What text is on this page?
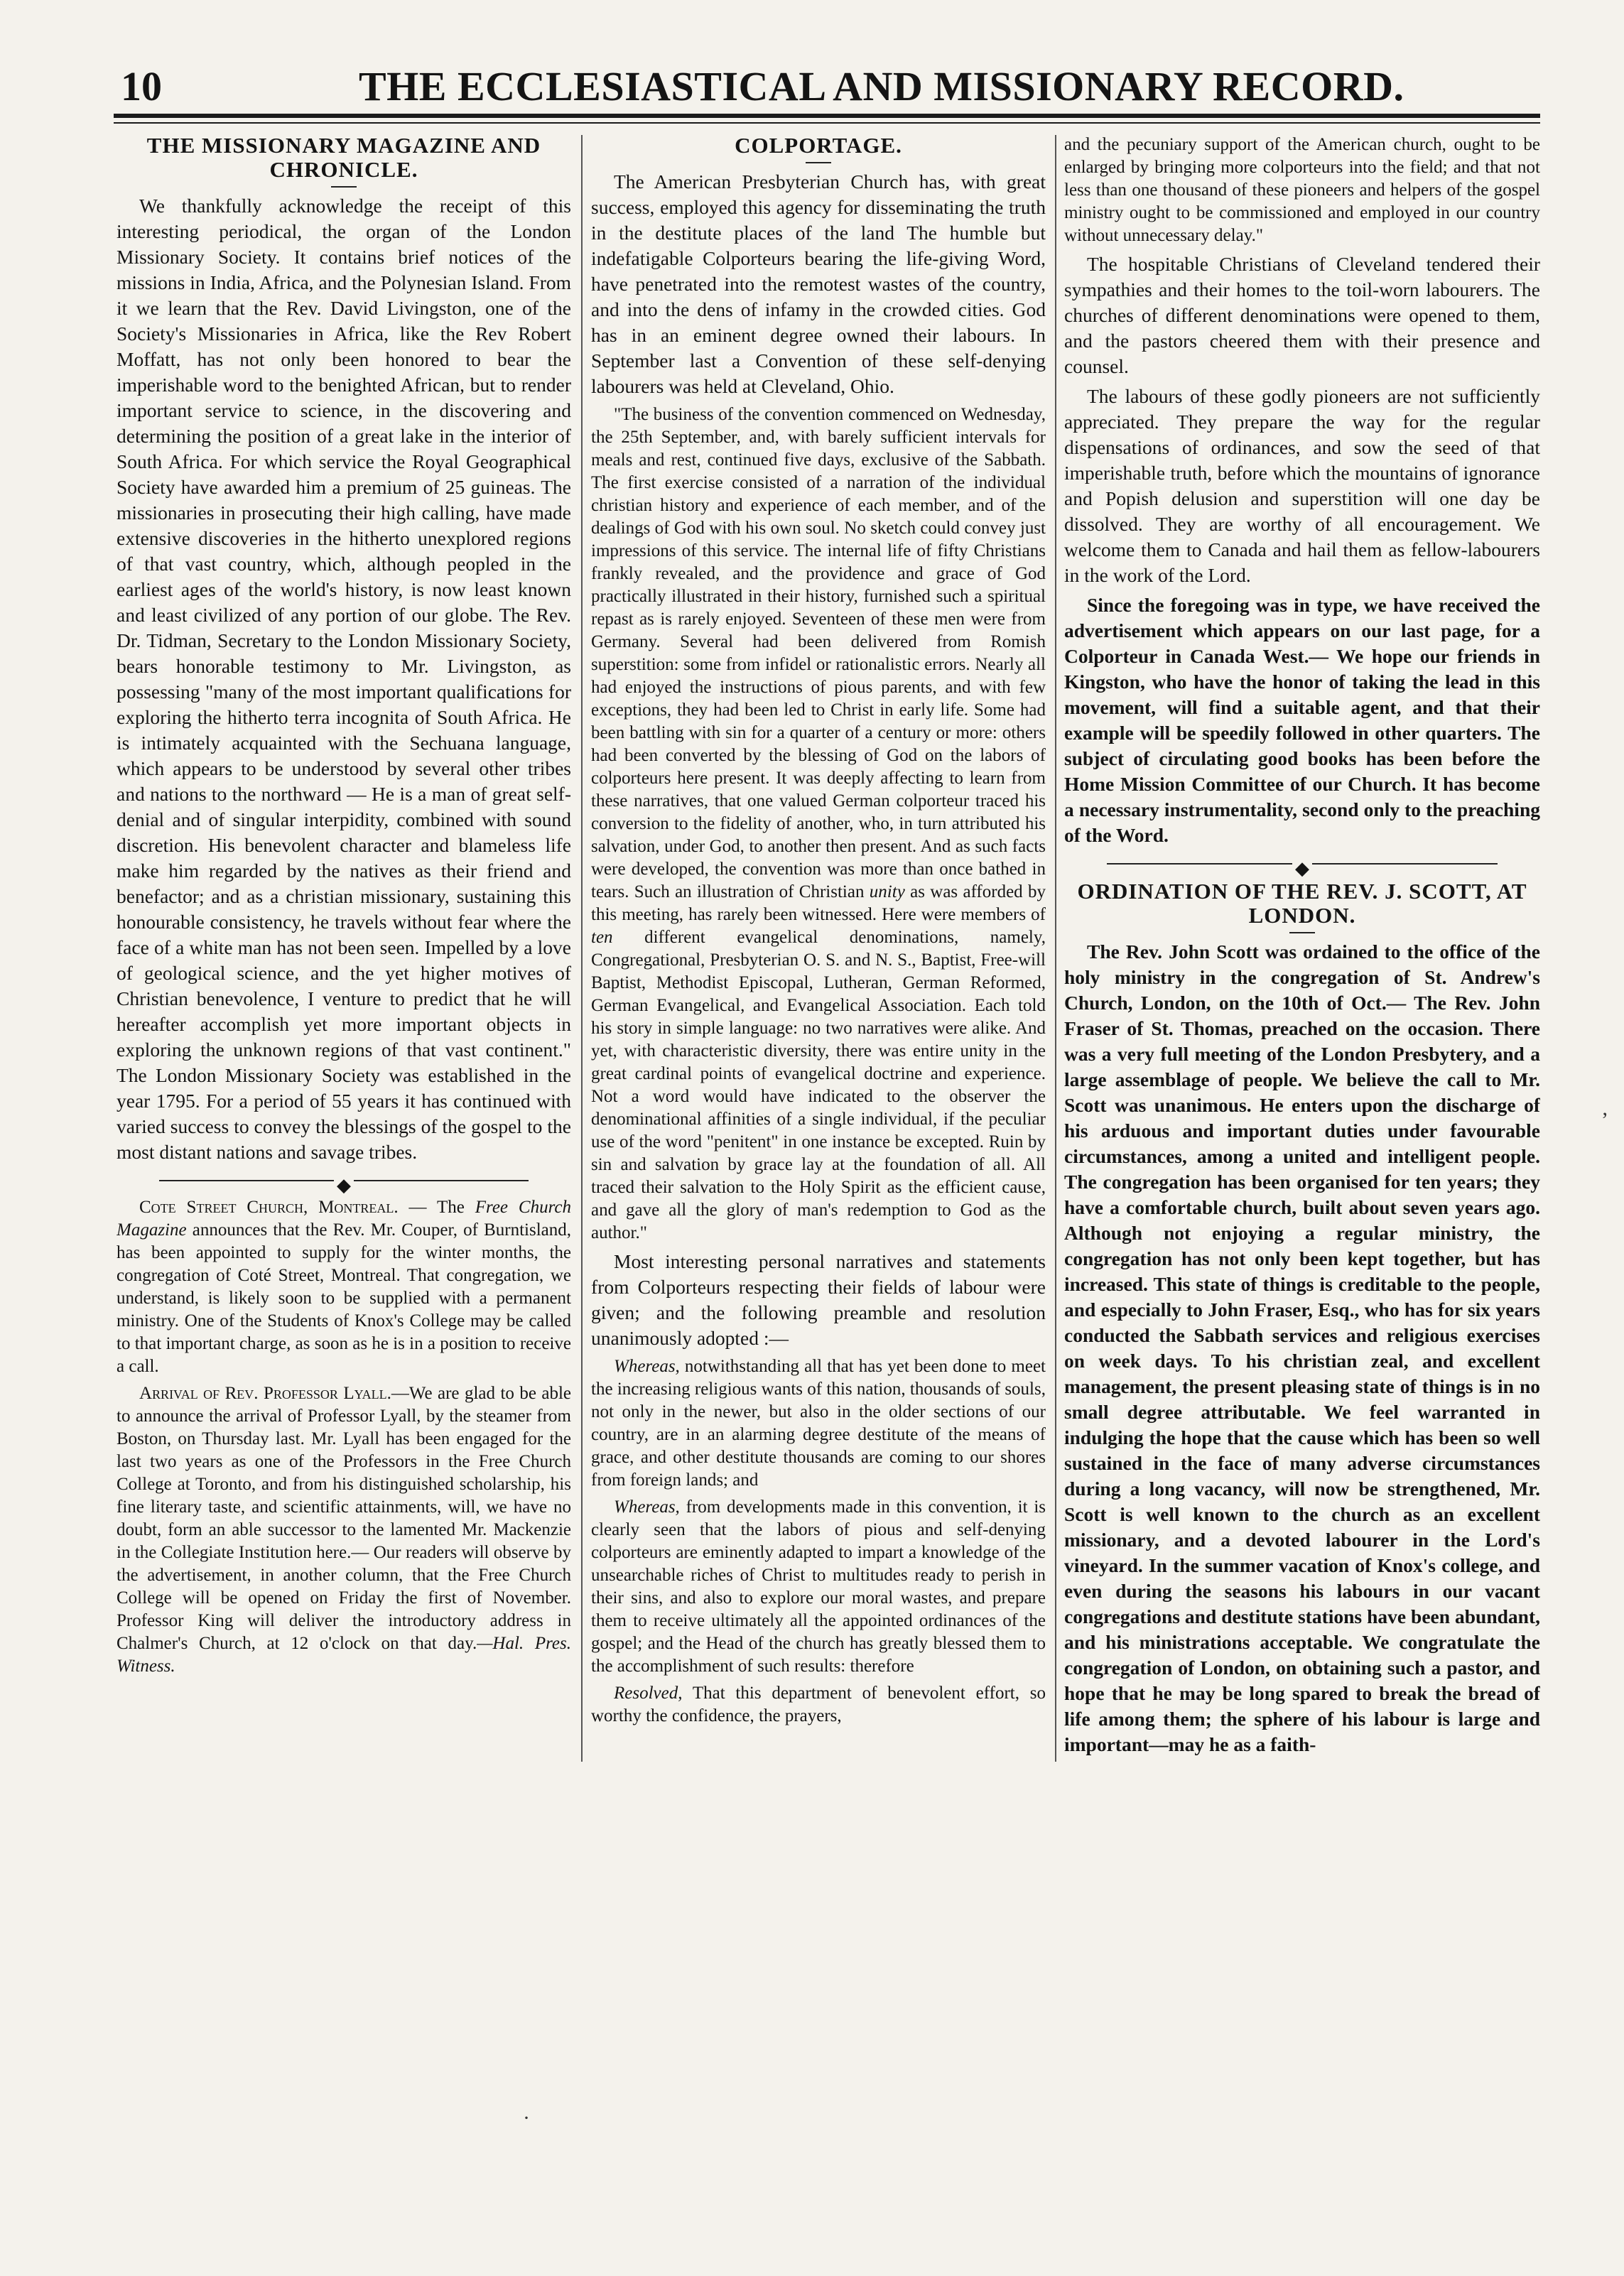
10	THE ECCLESIASTICAL AND MISSIONARY RECORD.
THE MISSIONARY MAGAZINE AND CHRONICLE.

We thankfully acknowledge the receipt of this interesting periodical, the organ of the London Missionary Society. It contains brief notices of the missions in India, Africa, and the Polynesian Island. From it we learn that the Rev. David Livingston, one of the Society's Missionaries in Africa, like the Rev Robert Moffatt, has not only been honored to bear the imperishable word to the benighted African, but to render important service to science, in the discovering and determining the position of a great lake in the interior of South Africa. For which service the Royal Geographical Society have awarded him a premium of 25 guineas. The missionaries in prosecuting their high calling, have made extensive discoveries in the hitherto unexplored regions of that vast country, which, although peopled in the earliest ages of the world's history, is now least known and least civilized of any portion of our globe. The Rev. Dr. Tidman, Secretary to the London Missionary Society, bears honorable testimony to Mr. Livingston, as possessing "many of the most important qualifications for exploring the hitherto terra incognita of South Africa. He is intimately acquainted with the Sechuana language, which appears to be understood by several other tribes and nations to the northward — He is a man of great self-denial and of singular interpidity, combined with sound discretion. His benevolent character and blameless life make him regarded by the natives as their friend and benefactor; and as a christian missionary, sustaining this honourable consistency, he travels without fear where the face of a white man has not been seen. Impelled by a love of geological science, and the yet higher motives of Christian benevolence, I venture to predict that he will hereafter accomplish yet more important objects in exploring the unknown regions of that vast continent." The London Missionary Society was established in the year 1795. For a period of 55 years it has continued with varied success to convey the blessings of the gospel to the most distant nations and savage tribes.

◆

Cote Street Church, Montreal. — The Free Church Magazine announces that the Rev. Mr. Couper, of Burntisland, has been appointed to supply for the winter months, the congregation of Coté Street, Montreal. That congregation, we understand, is likely soon to be supplied with a permanent ministry. One of the Students of Knox's College may be called to that important charge, as soon as he is in a position to receive a call.

Arrival of Rev. Professor Lyall.—We are glad to be able to announce the arrival of Professor Lyall, by the steamer from Boston, on Thursday last. Mr. Lyall has been engaged for the last two years as one of the Professors in the Free Church College at Toronto, and from his distinguished scholarship, his fine literary taste, and scientific attainments, will, we have no doubt, form an able successor to the lamented Mr. Mackenzie in the Collegiate Institution here.— Our readers will observe by the advertisement, in another column, that the Free Church College will be opened on Friday the first of November. Professor King will deliver the introductory address in Chalmer's Church, at 12 o'clock on that day.—Hal. Pres. Witness.

COLPORTAGE.

The American Presbyterian Church has, with great success, employed this agency for disseminating the truth in the destitute places of the land The humble but indefatigable Colporteurs bearing the life-giving Word, have penetrated into the remotest wastes of the country, and into the dens of infamy in the crowded cities. God has in an eminent degree owned their labours. In September last a Convention of these self-denying labourers was held at Cleveland, Ohio.

"The business of the convention commenced on Wednesday, the 25th September, and, with barely sufficient intervals for meals and rest, continued five days, exclusive of the Sabbath. The first exercise consisted of a narration of the individual christian history and experience of each member, and of the dealings of God with his own soul. No sketch could convey just impressions of this service. The internal life of fifty Christians frankly revealed, and the providence and grace of God practically illustrated in their history, furnished such a spiritual repast as is rarely enjoyed. Seventeen of these men were from Germany. Several had been delivered from Romish superstition: some from infidel or rationalistic errors. Nearly all had enjoyed the instructions of pious parents, and with few exceptions, they had been led to Christ in early life. Some had been battling with sin for a quarter of a century or more: others had been converted by the blessing of God on the labors of colporteurs here present. It was deeply affecting to learn from these narratives, that one valued German colporteur traced his conversion to the fidelity of another, who, in turn attributed his salvation, under God, to another then present. And as such facts were developed, the convention was more than once bathed in tears. Such an illustration of Christian unity as was afforded by this meeting, has rarely been witnessed. Here were members of ten different evangelical denominations, namely, Congregational, Presbyterian O. S. and N. S., Baptist, Free-will Baptist, Methodist Episcopal, Lutheran, German Reformed, German Evangelical, and Evangelical Association. Each told his story in simple language: no two narratives were alike. And yet, with characteristic diversity, there was entire unity in the great cardinal points of evangelical doctrine and experience. Not a word would have indicated to the observer the denominational affinities of a single individual, if the peculiar use of the word "penitent" in one instance be excepted. Ruin by sin and salvation by grace lay at the foundation of all. All traced their salvation to the Holy Spirit as the efficient cause, and gave all the glory of man's redemption to God as the author."

Most interesting personal narratives and statements from Colporteurs respecting their fields of labour were given; and the following preamble and resolution unanimously adopted :—

Whereas, notwithstanding all that has yet been done to meet the increasing religious wants of this nation, thousands of souls, not only in the newer, but also in the older sections of our country, are in an alarming degree destitute of the means of grace, and other destitute thousands are coming to our shores from foreign lands; and

Whereas, from developments made in this convention, it is clearly seen that the labors of pious and self-denying colporteurs are eminently adapted to impart a knowledge of the unsearchable riches of Christ to multitudes ready to perish in their sins, and also to explore our moral wastes, and prepare them to receive ultimately all the appointed ordinances of the gospel; and the Head of the church has greatly blessed them to the accomplishment of such results: therefore

Resolved, That this department of benevolent effort, so worthy the confidence, the prayers,

and the pecuniary support of the American church, ought to be enlarged by bringing more colporteurs into the field; and that not less than one thousand of these pioneers and helpers of the gospel ministry ought to be commissioned and employed in our country without unnecessary delay."

The hospitable Christians of Cleveland tendered their sympathies and their homes to the toil-worn labourers. The churches of different denominations were opened to them, and the pastors cheered them with their presence and counsel.

The labours of these godly pioneers are not sufficiently appreciated. They prepare the way for the regular dispensations of ordinances, and sow the seed of that imperishable truth, before which the mountains of ignorance and Popish delusion and superstition will one day be dissolved. They are worthy of all encouragement. We welcome them to Canada and hail them as fellow-labourers in the work of the Lord.

Since the foregoing was in type, we have received the advertisement which appears on our last page, for a Colporteur in Canada West.— We hope our friends in Kingston, who have the honor of taking the lead in this movement, will find a suitable agent, and that their example will be speedily followed in other quarters. The subject of circulating good books has been before the Home Mission Committee of our Church. It has become a necessary instrumentality, second only to the preaching of the Word.

◆
ORDINATION OF THE REV. J. SCOTT, AT LONDON.

The Rev. John Scott was ordained to the office of the holy ministry in the congregation of St. Andrew's Church, London, on the 10th of Oct.— The Rev. John Fraser of St. Thomas, preached on the occasion. There was a very full meeting of the London Presbytery, and a large assemblage of people. We believe the call to Mr. Scott was unanimous. He enters upon the discharge of his arduous and important duties under favourable circumstances, among a united and intelligent people. The congregation has been organised for ten years; they have a comfortable church, built about seven years ago. Although not enjoying a regular ministry, the congregation has not only been kept together, but has increased. This state of things is creditable to the people, and especially to John Fraser, Esq., who has for six years conducted the Sabbath services and religious exercises on week days. To his christian zeal, and excellent management, the present pleasing state of things is in no small degree attributable. We feel warranted in indulging the hope that the cause which has been so well sustained in the face of many adverse circumstances during a long vacancy, will now be strengthened, Mr. Scott is well known to the church as an excellent missionary, and a devoted labourer in the Lord's vineyard. In the summer vacation of Knox's college, and even during the seasons his labours in our vacant congregations and destitute stations have been abundant, and his ministrations acceptable. We congratulate the congregation of London, on obtaining such a pastor, and hope that he may be long spared to break the bread of life among them; the sphere of his labour is large and important—may he as a faith-

’
·
